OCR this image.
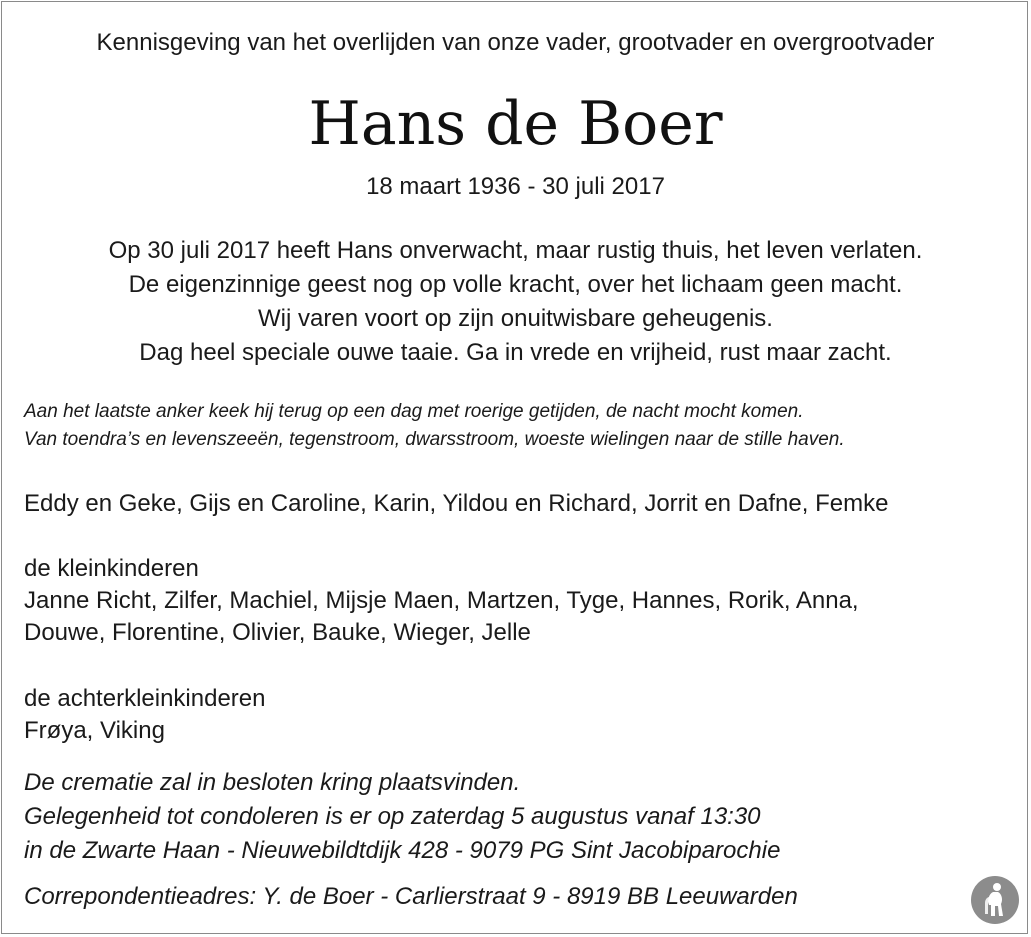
Kennisgeving van het overlijden van onze vader, grootvader en overgrootvader
Hans de Boer
18 maart 1936 - 30 juli 2017
Op 30 juli 2017 heeft Hans onverwacht, maar rustig thuis, het leven verlaten.
De eigenzinnige geest nog op volle kracht, over het lichaam geen macht.
Wij varen voort op zijn onuitwisbare geheugenis.
Dag heel speciale ouwe taaie. Ga in vrede en vrijheid, rust maar zacht.
Aan het laatste anker keek hij terug op een dag met roerige getijden, de nacht mocht komen.
Van toendra’s en levenszeeën, tegenstroom, dwarsstroom, woeste wielingen naar de stille haven.
Eddy en Geke, Gijs en Caroline, Karin, Yildou en Richard, Jorrit en Dafne, Femke
de kleinkinderen
Janne Richt, Zilfer, Machiel, Mijsje Maen, Martzen, Tyge, Hannes, Rorik, Anna,
Douwe, Florentine, Olivier, Bauke, Wieger, Jelle
de achterkleinkinderen
Frøya, Viking
De crematie zal in besloten kring plaatsvinden.
Gelegenheid tot condoleren is er op zaterdag 5 augustus vanaf 13:30
in de Zwarte Haan - Nieuwebildtdijk 428 - 9079 PG Sint Jacobiparochie
Correpondentieadres: Y. de Boer - Carlierstraat 9 - 8919 BB Leeuwarden
